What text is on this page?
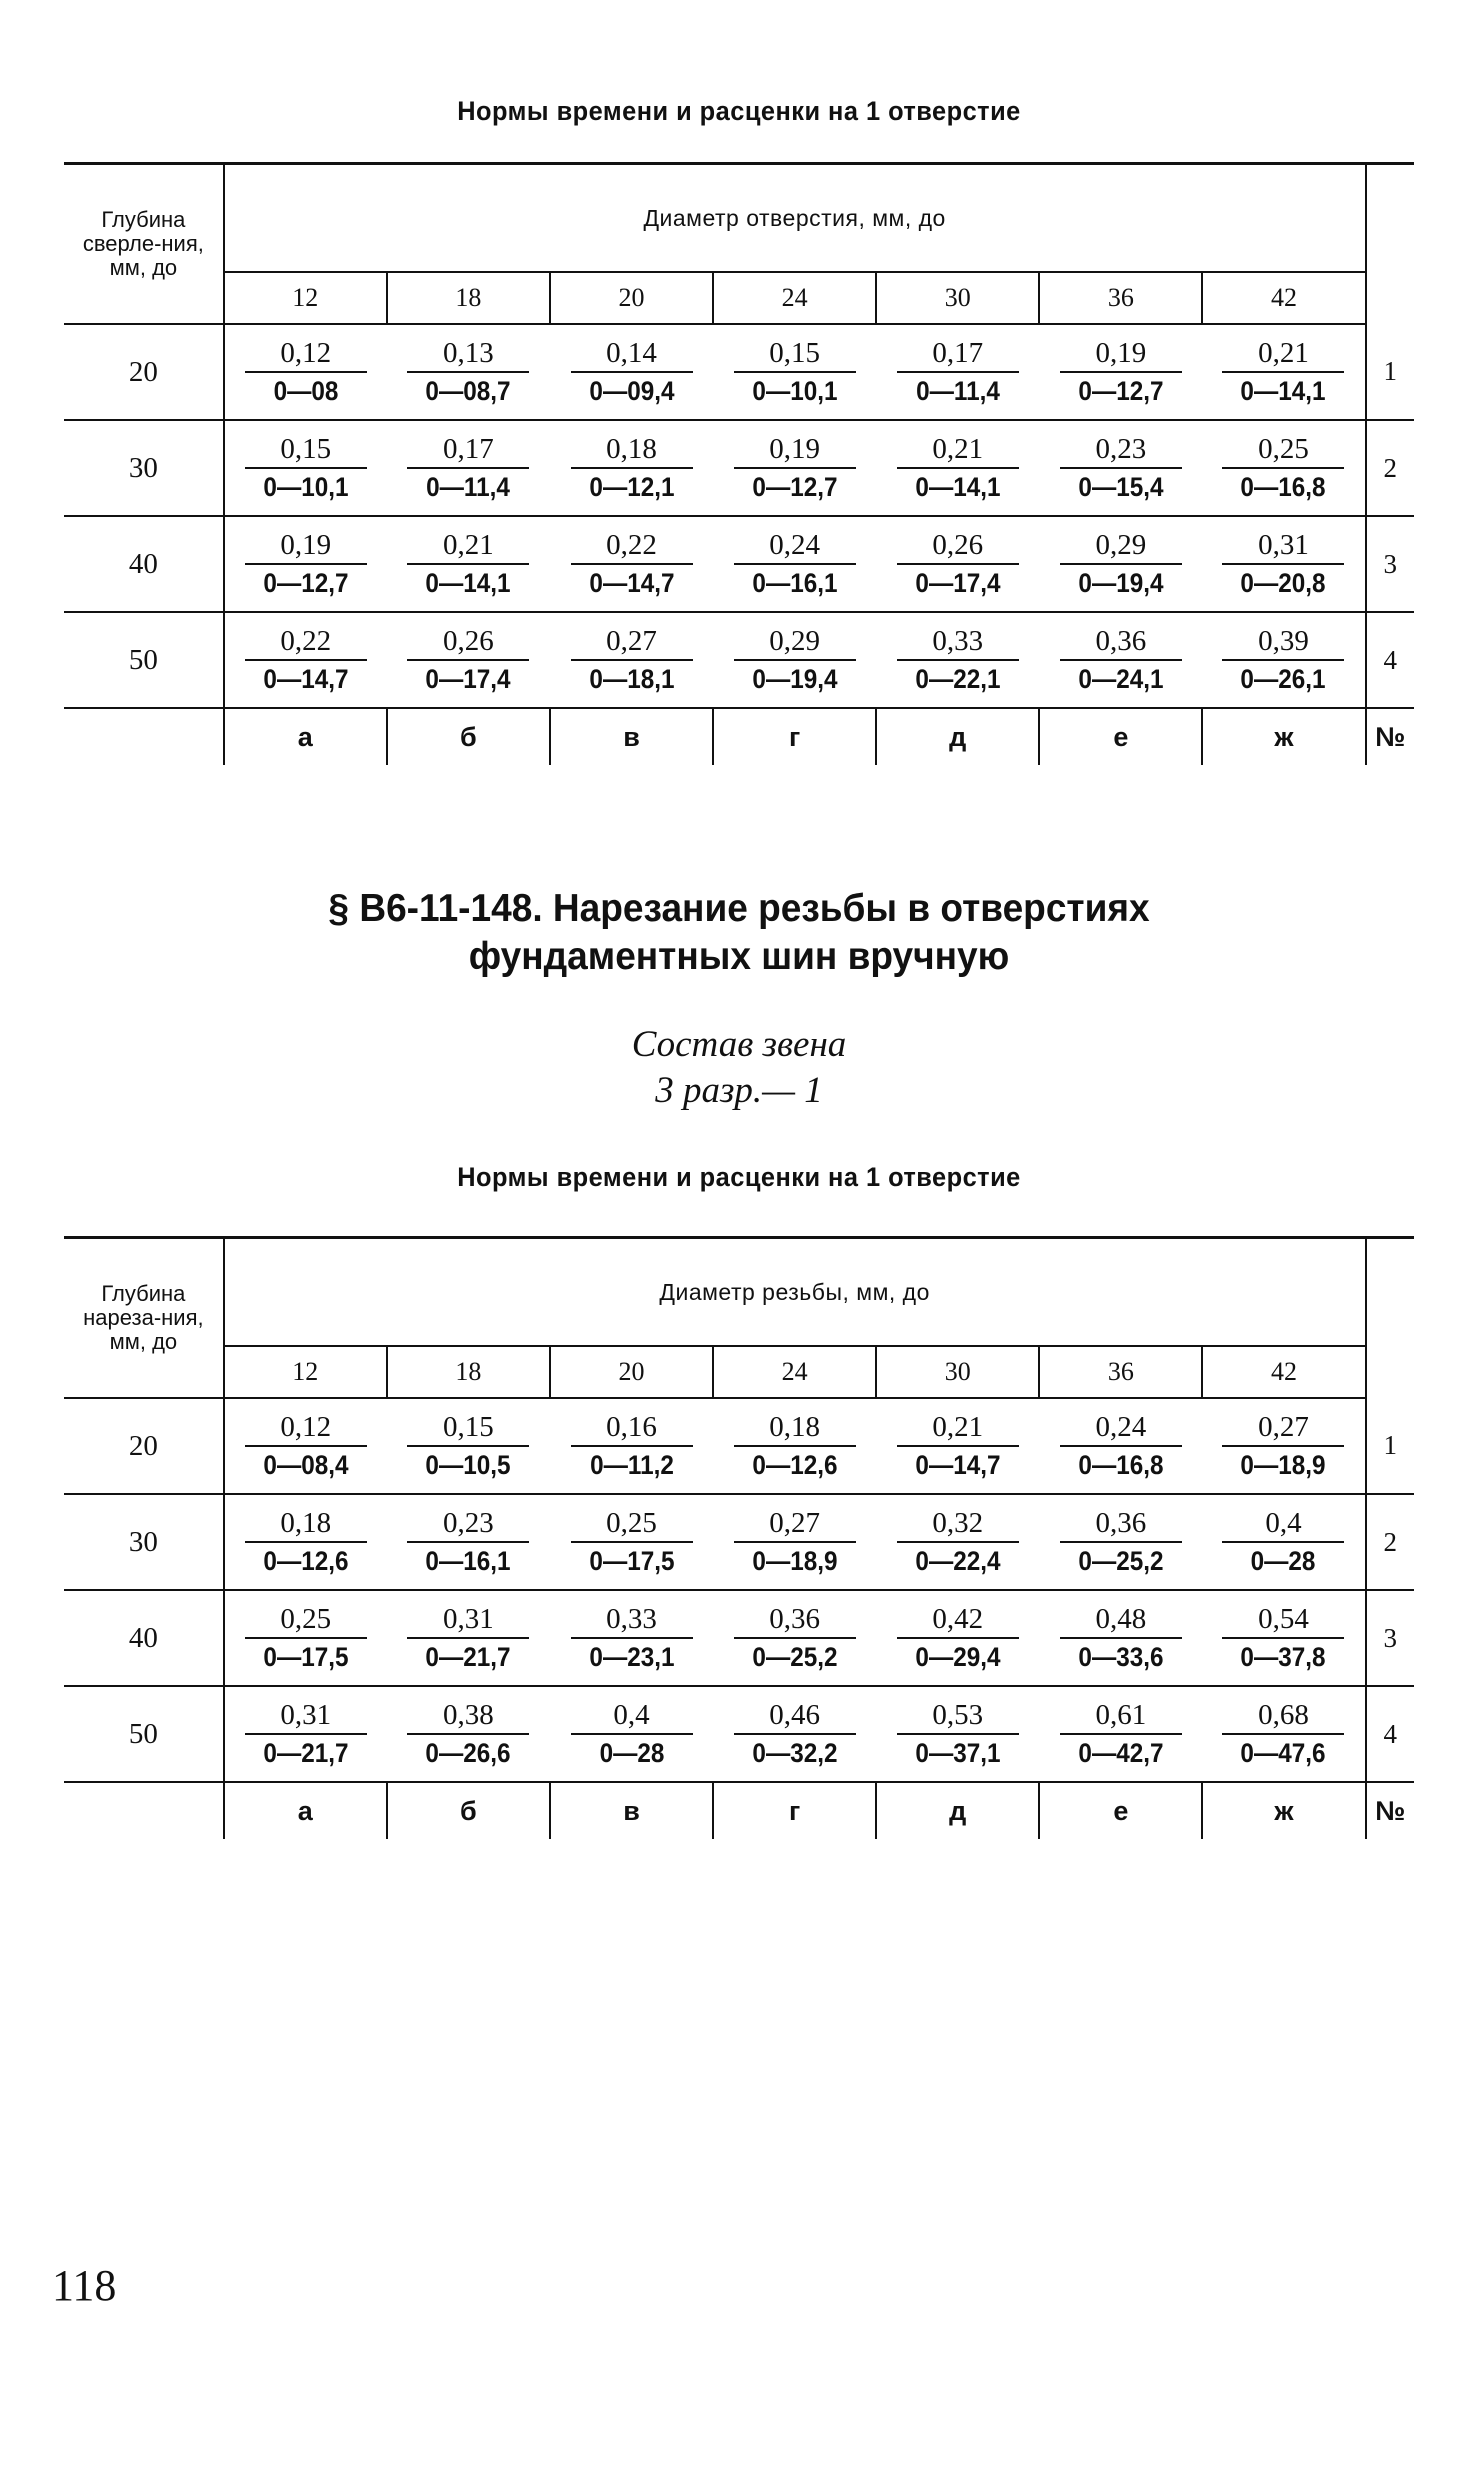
Нормы времени и расценки на 1 отверстие
Глубина сверле-ния, мм, до	Диаметр отверстия, мм, до							
	12	18	20	24	30	36	42	
20	$\frac{0,12}{0—08}$	$\frac{0,13}{0—08,7}$	$\frac{0,14}{0—09,4}$	$\frac{0,15}{0—10,1}$	$\frac{0,17}{0—11,4}$	$\frac{0,19}{0—12,7}$	$\frac{0,21}{0—14,1}$	1
30	$\frac{0,15}{0—10,1}$	$\frac{0,17}{0—11,4}$	$\frac{0,18}{0—12,1}$	$\frac{0,19}{0—12,7}$	$\frac{0,21}{0—14,1}$	$\frac{0,23}{0—15,4}$	$\frac{0,25}{0—16,8}$	2
40	$\frac{0,19}{0—12,7}$	$\frac{0,21}{0—14,1}$	$\frac{0,22}{0—14,7}$	$\frac{0,24}{0—16,1}$	$\frac{0,26}{0—17,4}$	$\frac{0,29}{0—19,4}$	$\frac{0,31}{0—20,8}$	3
50	$\frac{0,22}{0—14,7}$	$\frac{0,26}{0—17,4}$	$\frac{0,27}{0—18,1}$	$\frac{0,29}{0—19,4}$	$\frac{0,33}{0—22,1}$	$\frac{0,36}{0—24,1}$	$\frac{0,39}{0—26,1}$	4
	а	б	в	г	д	е	ж	№
§ В6-11-148. Нарезание резьбы в отверстиях
фундаментных шин вручную
Состав звена
3 разр.— 1
Нормы времени и расценки на 1 отверстие
Глубина нареза-ния, мм, до	Диаметр резьбы, мм, до							
	12	18	20	24	30	36	42	
20	$\frac{0,12}{0—08,4}$	$\frac{0,15}{0—10,5}$	$\frac{0,16}{0—11,2}$	$\frac{0,18}{0—12,6}$	$\frac{0,21}{0—14,7}$	$\frac{0,24}{0—16,8}$	$\frac{0,27}{0—18,9}$	1
30	$\frac{0,18}{0—12,6}$	$\frac{0,23}{0—16,1}$	$\frac{0,25}{0—17,5}$	$\frac{0,27}{0—18,9}$	$\frac{0,32}{0—22,4}$	$\frac{0,36}{0—25,2}$	$\frac{0,4}{0—28}$	2
40	$\frac{0,25}{0—17,5}$	$\frac{0,31}{0—21,7}$	$\frac{0,33}{0—23,1}$	$\frac{0,36}{0—25,2}$	$\frac{0,42}{0—29,4}$	$\frac{0,48}{0—33,6}$	$\frac{0,54}{0—37,8}$	3
50	$\frac{0,31}{0—21,7}$	$\frac{0,38}{0—26,6}$	$\frac{0,4}{0—28}$	$\frac{0,46}{0—32,2}$	$\frac{0,53}{0—37,1}$	$\frac{0,61}{0—42,7}$	$\frac{0,68}{0—47,6}$	4
	а	б	в	г	д	е	ж	№
118
